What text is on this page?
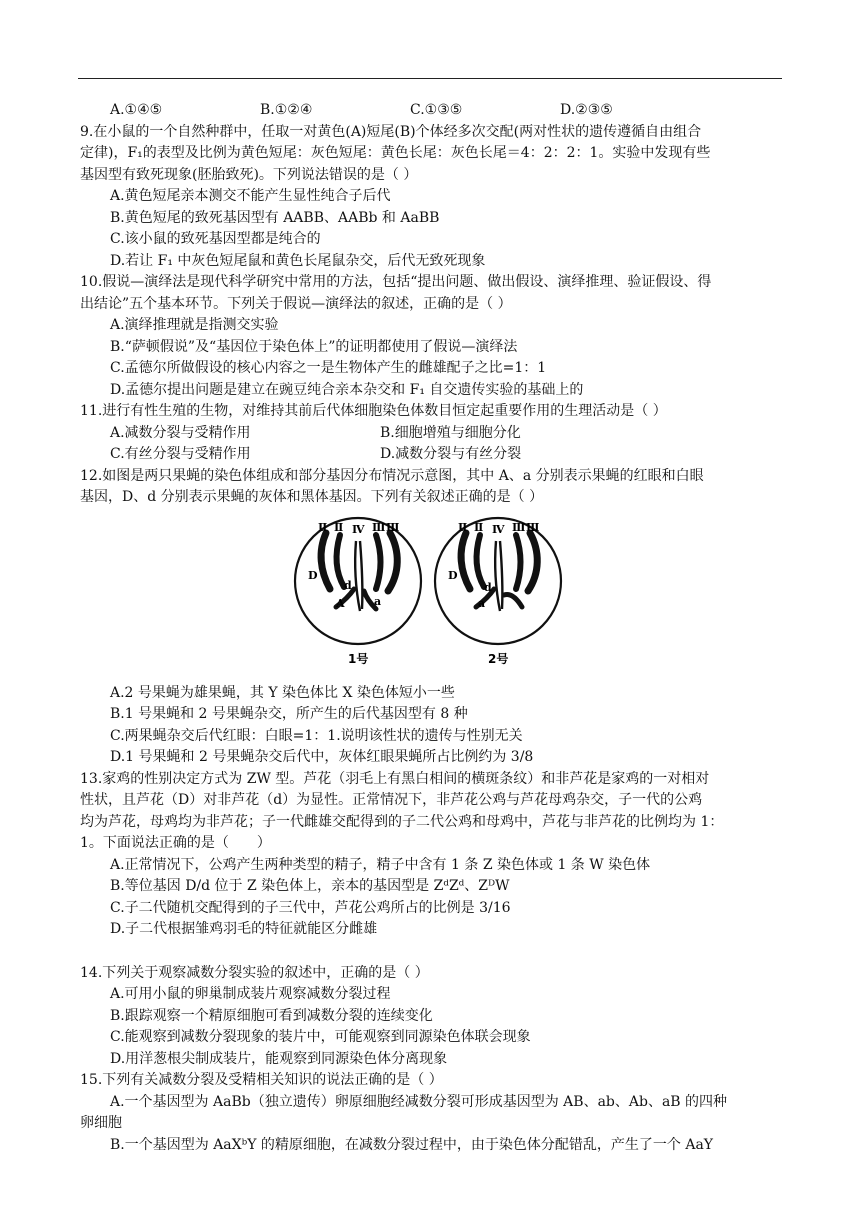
A.①④⑤	B.①②④	C.①③⑤	D.②③⑤
9.在小鼠的一个自然种群中，任取一对黄色(A)短尾(B)个体经多次交配(两对性状的遗传遵循自由组合
定律)，F₁的表型及比例为黄色短尾：灰色短尾：黄色长尾：灰色长尾＝4：2：2：1。实验中发现有些
基因型有致死现象(胚胎致死)。下列说法错误的是（ ）
A.黄色短尾亲本测交不能产生显性纯合子后代
B.黄色短尾的致死基因型有 AABB、AABb 和 AaBB
C.该小鼠的致死基因型都是纯合的
D.若让 F₁ 中灰色短尾鼠和黄色长尾鼠杂交，后代无致死现象
10.假说—演绎法是现代科学研究中常用的方法，包括“提出问题、做出假设、演绎推理、验证假设、得
出结论”五个基本环节。下列关于假说—演绎法的叙述，正确的是（ ）
A.演绎推理就是指测交实验
B.“萨顿假说”及“基因位于染色体上”的证明都使用了假说—演绎法
C.孟德尔所做假设的核心内容之一是生物体产生的雌雄配子之比=1：1
D.孟德尔提出问题是建立在豌豆纯合亲本杂交和 F₁ 自交遗传实验的基础上的
11.进行有性生殖的生物，对维持其前后代体细胞染色体数目恒定起重要作用的生理活动是（ ）
A.减数分裂与受精作用	B.细胞增殖与细胞分化
C.有丝分裂与受精作用	D.减数分裂与有丝分裂
12.如图是两只果蝇的染色体组成和部分基因分布情况示意图，其中 A、a 分别表示果蝇的红眼和白眼
基因，D、d 分别表示果蝇的灰体和黑体基因。下列有关叙述正确的是（ ）
Ⅱ Ⅱ Ⅳ Ⅲ Ⅲ
D
d
A	a
1号
Ⅱ Ⅱ Ⅳ Ⅲ Ⅲ
D
d
a
2号
A.2 号果蝇为雄果蝇，其 Y 染色体比 X 染色体短小一些
B.1 号果蝇和 2 号果蝇杂交，所产生的后代基因型有 8 种
C.两果蝇杂交后代红眼：白眼=1：1.说明该性状的遗传与性别无关
D.1 号果蝇和 2 号果蝇杂交后代中，灰体红眼果蝇所占比例约为 3/8
13.家鸡的性别决定方式为 ZW 型。芦花（羽毛上有黑白相间的横斑条纹）和非芦花是家鸡的一对相对
性状，且芦花（D）对非芦花（d）为显性。正常情况下，非芦花公鸡与芦花母鸡杂交，子一代的公鸡
均为芦花，母鸡均为非芦花；子一代雌雄交配得到的子二代公鸡和母鸡中，芦花与非芦花的比例均为 1：
1。下面说法正确的是（　　）
A.正常情况下，公鸡产生两种类型的精子，精子中含有 1 条 Z 染色体或 1 条 W 染色体
B.等位基因 D/d 位于 Z 染色体上，亲本的基因型是 ZᵈZᵈ、ZᴰW
C.子二代随机交配得到的子三代中，芦花公鸡所占的比例是 3/16
D.子二代根据雏鸡羽毛的特征就能区分雌雄
14.下列关于观察减数分裂实验的叙述中，正确的是（ ）
A.可用小鼠的卵巢制成装片观察减数分裂过程
B.跟踪观察一个精原细胞可看到减数分裂的连续变化
C.能观察到减数分裂现象的装片中，可能观察到同源染色体联会现象
D.用洋葱根尖制成装片，能观察到同源染色体分离现象
15.下列有关减数分裂及受精相关知识的说法正确的是（ ）
A.一个基因型为 AaBb（独立遗传）卵原细胞经减数分裂可形成基因型为 AB、ab、Ab、aB 的四种
卵细胞
B.一个基因型为 AaXᵇY 的精原细胞，在减数分裂过程中，由于染色体分配错乱，产生了一个 AaY
